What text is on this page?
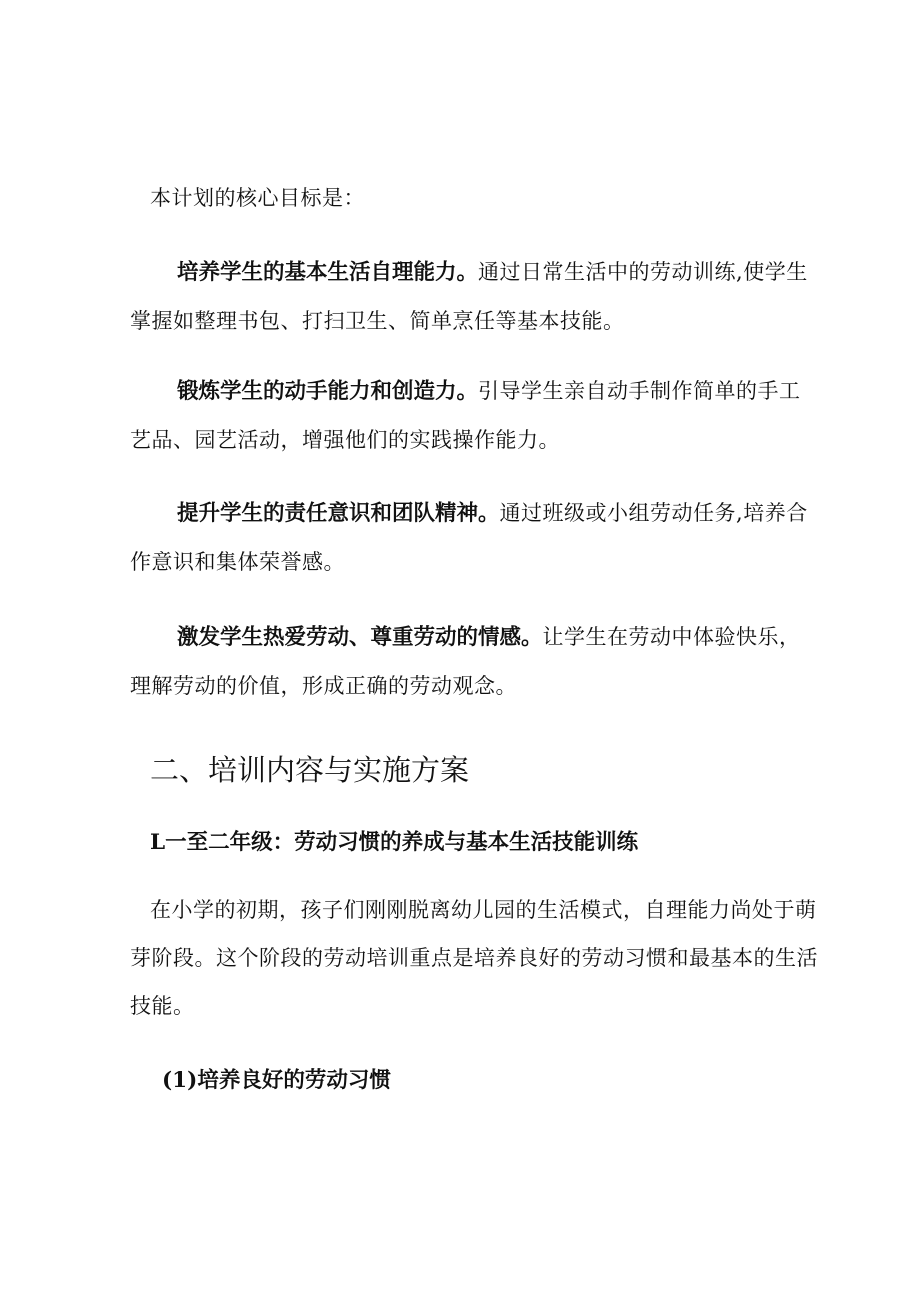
本计划的核心目标是：

培养学生的基本生活自理能力。通过日常生活中的劳动训练,使学生掌握如整理书包、打扫卫生、简单烹任等基本技能。

锻炼学生的动手能力和创造力。引导学生亲自动手制作简单的手工艺品、园艺活动，增强他们的实践操作能力。

提升学生的责任意识和团队精神。通过班级或小组劳动任务,培养合作意识和集体荣誉感。

激发学生热爱劳动、尊重劳动的情感。让学生在劳动中体验快乐，理解劳动的价值，形成正确的劳动观念。

二、培训内容与实施方案
L一至二年级：劳动习惯的养成与基本生活技能训练

在小学的初期，孩子们刚刚脱离幼儿园的生活模式，自理能力尚处于萌芽阶段。这个阶段的劳动培训重点是培养良好的劳动习惯和最基本的生活技能。

(1)培养良好的劳动习惯
